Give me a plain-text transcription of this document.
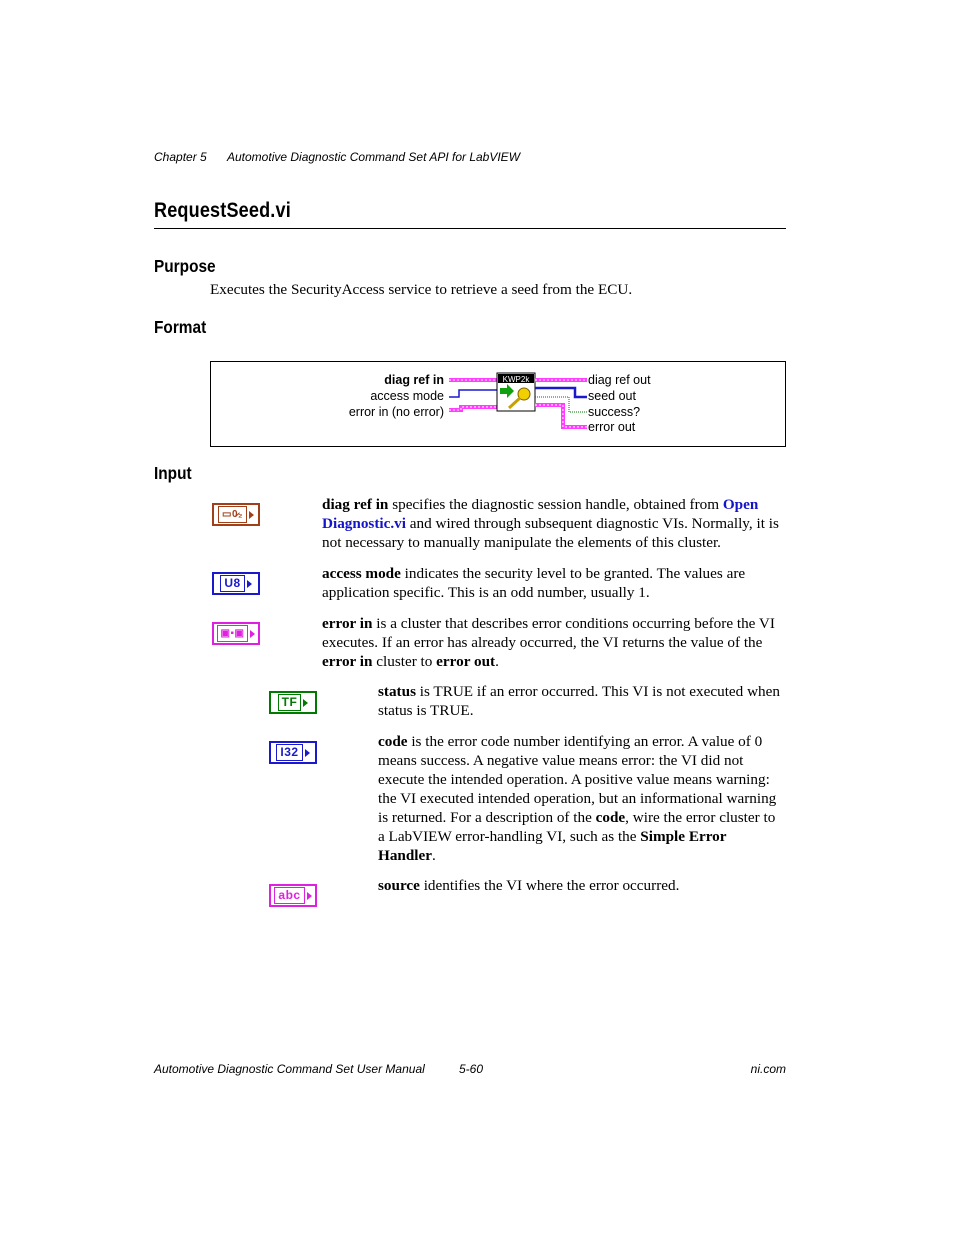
Chapter 5 Automotive Diagnostic Command Set API for LabVIEW
RequestSeed.vi
Purpose
Executes the SecurityAccess service to retrieve a seed from the ECU.
Format
diag ref in
access mode
error in (no error)
diag ref out
seed out
success?
error out
KWP2k
Input
▭0̷₂
diag ref in specifies the diagnostic session handle, obtained from Open Diagnostic.vi and wired through subsequent diagnostic VIs. Normally, it is not necessary to manually manipulate the elements of this cluster.
U8
access mode indicates the security level to be granted. The values are application specific. This is an odd number, usually 1.
▣▪▣
error in is a cluster that describes error conditions occurring before the VI executes. If an error has already occurred, the VI returns the value of the error in cluster to error out.
TF
status is TRUE if an error occurred. This VI is not executed when status is TRUE.
I32
code is the error code number identifying an error. A value of 0 means success. A negative value means error: the VI did not execute the intended operation. A positive value means warning: the VI executed intended operation, but an informational warning is returned. For a description of the code, wire the error cluster to a LabVIEW error-handling VI, such as the Simple Error Handler.
abc
source identifies the VI where the error occurred.
Automotive Diagnostic Command Set User Manual	5-60	ni.com
